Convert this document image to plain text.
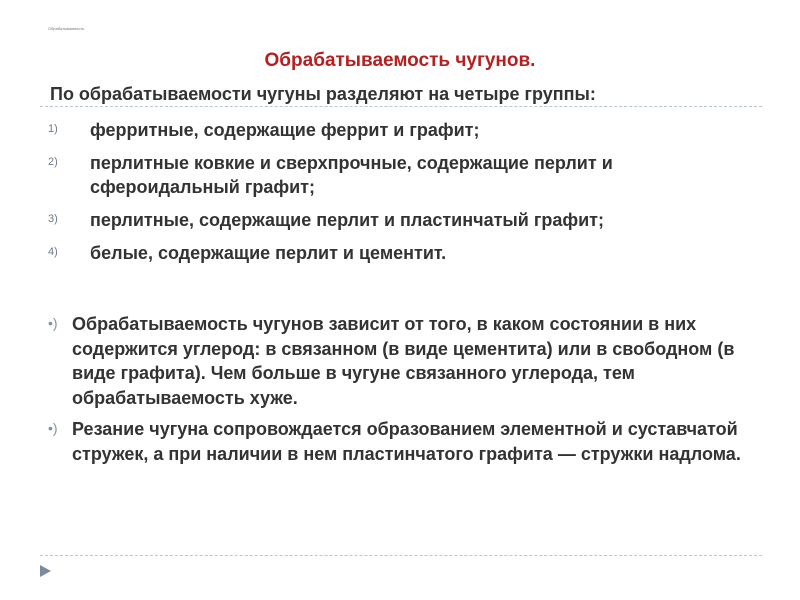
Обрабатываемость
Обрабатываемость чугунов.
По обрабатываемости чугуны разделяют на четыре группы:
1)	ферритные, содержащие феррит и графит;
2)	перлитные ковкие и сверхпрочные, содержащие перлит и сфероидальный графит;
3)	перлитные, содержащие перлит и пластинчатый графит;
4)	белые, содержащие перлит и цементит.
•) Обрабатываемость чугунов зависит от того, в каком состоянии в них содержится углерод: в связанном (в виде цементита) или в свободном (в виде графита). Чем больше в чугуне связанного углерода, тем обрабатываемость хуже.
•) Резание чугуна сопровождается образованием элементной и суставчатой стружек, а при наличии в нем пластинчатого графита — стружки надлома.
